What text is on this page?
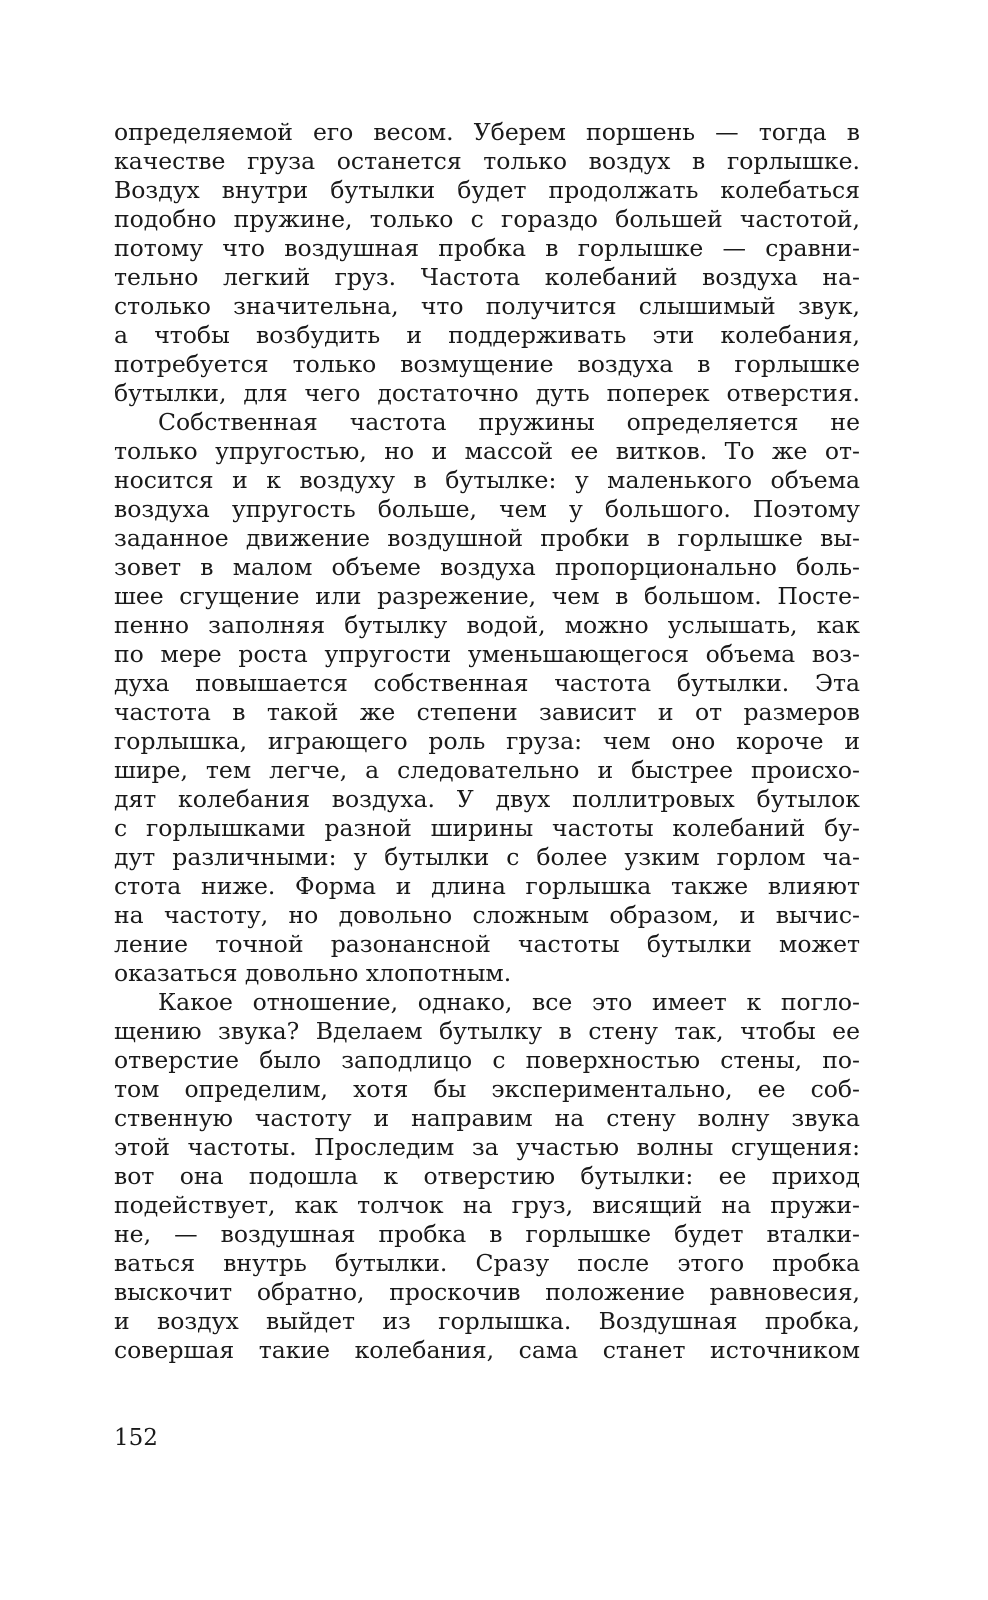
определяемой его весом. Уберем поршень — тогда в
качестве груза останется только воздух в горлышке.
Воздух внутри бутылки будет продолжать колебаться
подобно пружине, только с гораздо большей частотой,
потому что воздушная пробка в горлышке — сравни-
тельно легкий груз. Частота колебаний воздуха на-
столько значительна, что получится слышимый звук,
а чтобы возбудить и поддерживать эти колебания,
потребуется только возмущение воздуха в горлышке
бутылки, для чего достаточно дуть поперек отверстия.
Собственная частота пружины определяется не
только упругостью, но и массой ее витков. То же от-
носится и к воздуху в бутылке: у маленького объема
воздуха упругость больше, чем у большого. Поэтому
заданное движение воздушной пробки в горлышке вы-
зовет в малом объеме воздуха пропорционально боль-
шее сгущение или разрежение, чем в большом. Посте-
пенно заполняя бутылку водой, можно услышать, как
по мере роста упругости уменьшающегося объема воз-
духа повышается собственная частота бутылки. Эта
частота в такой же степени зависит и от размеров
горлышка, играющего роль груза: чем оно короче и
шире, тем легче, а следовательно и быстрее происхо-
дят колебания воздуха. У двух поллитровых бутылок
с горлышками разной ширины частоты колебаний бу-
дут различными: у бутылки с более узким горлом ча-
стота ниже. Форма и длина горлышка также влияют
на частоту, но довольно сложным образом, и вычис-
ление точной разонансной частоты бутылки может
оказаться довольно хлопотным.
Какое отношение, однако, все это имеет к погло-
щению звука? Вделаем бутылку в стену так, чтобы ее
отверстие было заподлицо с поверхностью стены, по-
том определим, хотя бы экспериментально, ее соб-
ственную частоту и направим на стену волну звука
этой частоты. Проследим за участью волны сгущения:
вот она подошла к отверстию бутылки: ее приход
подействует, как толчок на груз, висящий на пружи-
не, — воздушная пробка в горлышке будет вталки-
ваться внутрь бутылки. Сразу после этого пробка
выскочит обратно, проскочив положение равновесия,
и воздух выйдет из горлышка. Воздушная пробка,
совершая такие колебания, сама станет источником
152
